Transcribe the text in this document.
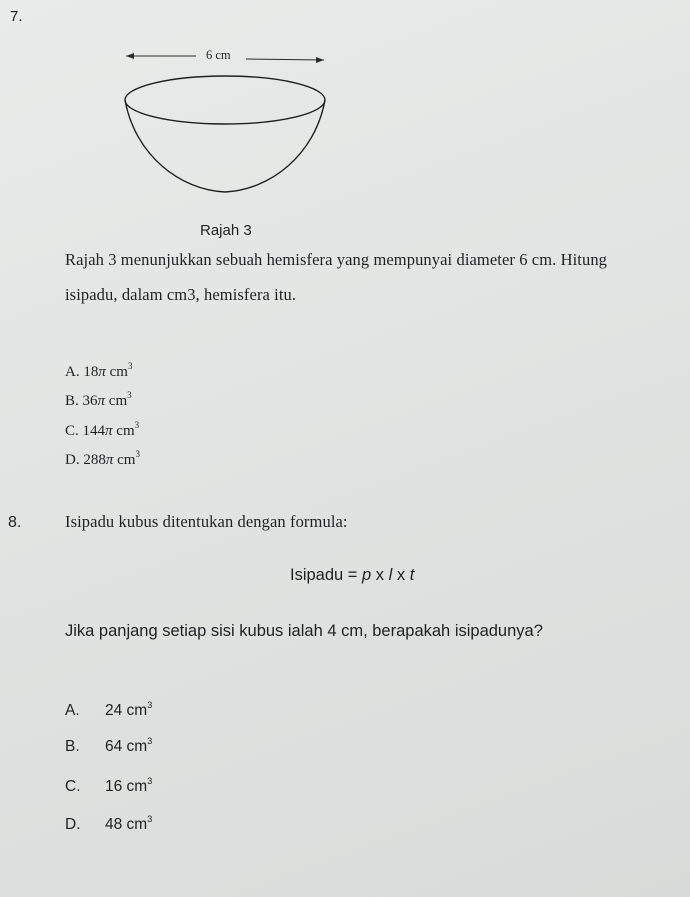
7.
6 cm
Rajah 3
Rajah 3 menunjukkan sebuah hemisfera yang mempunyai diameter 6 cm. Hitung
isipadu, dalam cm3, hemisfera itu.
A. 18π $cm^3$
B. 36π $cm^3$
C. 144π $cm^3$
D. 288π $cm^3$
8.	Isipadu kubus ditentukan dengan formula:
Isipadu = p x l x t
Jika panjang setiap sisi kubus ialah 4 cm, berapakah isipadunya?
A. 24 $cm^3$
B. 64 $cm^3$
C. 16 $cm^3$
D. 48 $cm^3$
